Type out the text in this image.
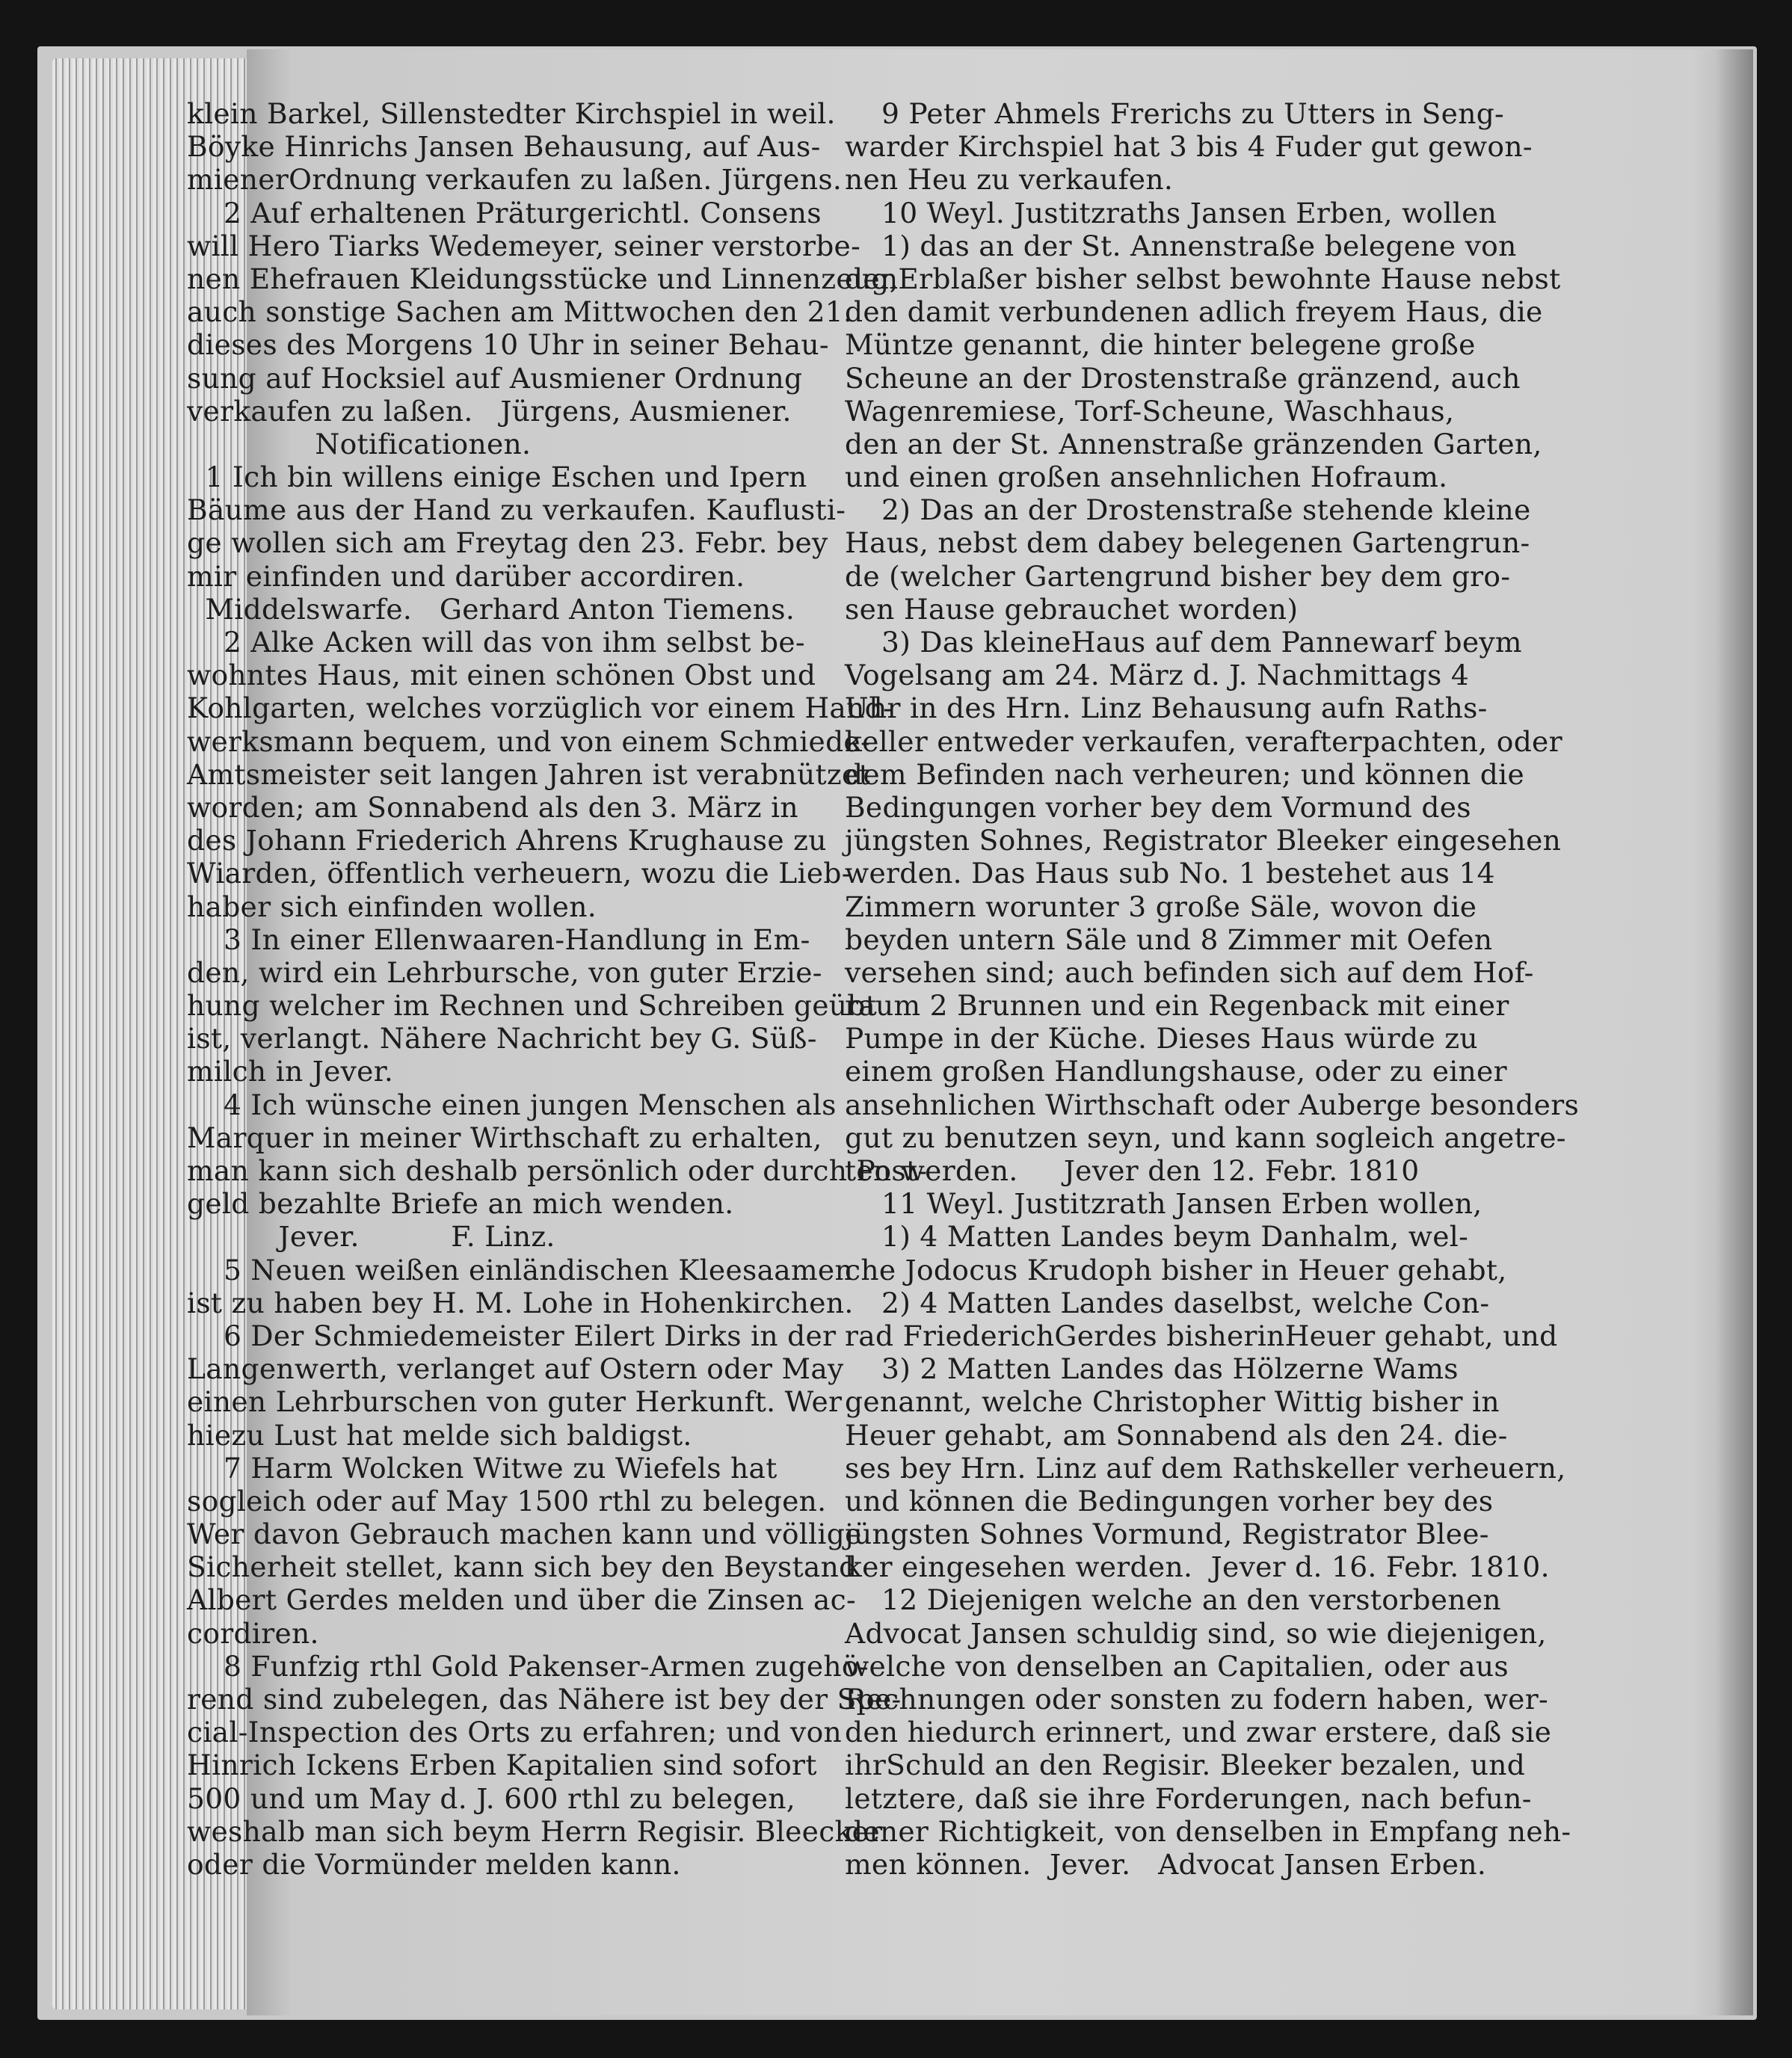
klein Barkel, Sillenstedter Kirchspiel in weil.
Böyke Hinrichs Jansen Behausung, auf Aus-
mienerOrdnung verkaufen zu laßen. Jürgens.
2 Auf erhaltenen Präturgerichtl. Consens
will Hero Tiarks Wedemeyer, seiner verstorbe-
nen Ehefrauen Kleidungsstücke und Linnenzeug,
auch sonstige Sachen am Mittwochen den 21.
dieses des Morgens 10 Uhr in seiner Behau-
sung auf Hocksiel auf Ausmiener Ordnung
verkaufen zu laßen.   Jürgens, Ausmiener.
Notificationen.
1 Ich bin willens einige Eschen und Ipern
Bäume aus der Hand zu verkaufen. Kauflusti-
ge wollen sich am Freytag den 23. Febr. bey
mir einfinden und darüber accordiren.
Middelswarfe.   Gerhard Anton Tiemens.
2 Alke Acken will das von ihm selbst be-
wohntes Haus, mit einen schönen Obst und
Kohlgarten, welches vorzüglich vor einem Hand-
werksmann bequem, und von einem Schmiede-
Amtsmeister seit langen Jahren ist verabnützet
worden; am Sonnabend als den 3. März in
des Johann Friederich Ahrens Krughause zu
Wiarden, öffentlich verheuern, wozu die Lieb-
haber sich einfinden wollen.
3 In einer Ellenwaaren-Handlung in Em-
den, wird ein Lehrbursche, von guter Erzie-
hung welcher im Rechnen und Schreiben geübt
ist, verlangt. Nähere Nachricht bey G. Süß-
milch in Jever.
4 Ich wünsche einen jungen Menschen als
Marquer in meiner Wirthschaft zu erhalten,
man kann sich deshalb persönlich oder durch Post-
geld bezahlte Briefe an mich wenden.
Jever.          F. Linz.
5 Neuen weißen einländischen Kleesaamen
ist zu haben bey H. M. Lohe in Hohenkirchen.
6 Der Schmiedemeister Eilert Dirks in der
Langenwerth, verlanget auf Ostern oder May
einen Lehrburschen von guter Herkunft. Wer
hiezu Lust hat melde sich baldigst.
7 Harm Wolcken Witwe zu Wiefels hat
sogleich oder auf May 1500 rthl zu belegen.
Wer davon Gebrauch machen kann und völlige
Sicherheit stellet, kann sich bey den Beystand
Albert Gerdes melden und über die Zinsen ac-
cordiren.
8 Funfzig rthl Gold Pakenser-Armen zugehö-
rend sind zubelegen, das Nähere ist bey der Spe-
cial-Inspection des Orts zu erfahren; und von
Hinrich Ickens Erben Kapitalien sind sofort
500 und um May d. J. 600 rthl zu belegen,
weshalb man sich beym Herrn Regisir. Bleecker
oder die Vormünder melden kann.
9 Peter Ahmels Frerichs zu Utters in Seng-
warder Kirchspiel hat 3 bis 4 Fuder gut gewon-
nen Heu zu verkaufen.
10 Weyl. Justitzraths Jansen Erben, wollen
1) das an der St. Annenstraße belegene von
denErblaßer bisher selbst bewohnte Hause nebst
den damit verbundenen adlich freyem Haus, die
Müntze genannt, die hinter belegene große
Scheune an der Drostenstraße gränzend, auch
Wagenremiese, Torf-Scheune, Waschhaus,
den an der St. Annenstraße gränzenden Garten,
und einen großen ansehnlichen Hofraum.
2) Das an der Drostenstraße stehende kleine
Haus, nebst dem dabey belegenen Gartengrun-
de (welcher Gartengrund bisher bey dem gro-
sen Hause gebrauchet worden)
3) Das kleineHaus auf dem Pannewarf beym
Vogelsang am 24. März d. J. Nachmittags 4
Uhr in des Hrn. Linz Behausung aufn Raths-
keller entweder verkaufen, verafterpachten, oder
dem Befinden nach verheuren; und können die
Bedingungen vorher bey dem Vormund des
jüngsten Sohnes, Registrator Bleeker eingesehen
werden. Das Haus sub No. 1 bestehet aus 14
Zimmern worunter 3 große Säle, wovon die
beyden untern Säle und 8 Zimmer mit Oefen
versehen sind; auch befinden sich auf dem Hof-
raum 2 Brunnen und ein Regenback mit einer
Pumpe in der Küche. Dieses Haus würde zu
einem großen Handlungshause, oder zu einer
ansehnlichen Wirthschaft oder Auberge besonders
gut zu benutzen seyn, und kann sogleich angetre-
ten werden.     Jever den 12. Febr. 1810
11 Weyl. Justitzrath Jansen Erben wollen,
1) 4 Matten Landes beym Danhalm, wel-
che Jodocus Krudoph bisher in Heuer gehabt,
2) 4 Matten Landes daselbst, welche Con-
rad FriederichGerdes bisherinHeuer gehabt, und
3) 2 Matten Landes das Hölzerne Wams
genannt, welche Christopher Wittig bisher in
Heuer gehabt, am Sonnabend als den 24. die-
ses bey Hrn. Linz auf dem Rathskeller verheuern,
und können die Bedingungen vorher bey des
jüngsten Sohnes Vormund, Registrator Blee-
ker eingesehen werden.  Jever d. 16. Febr. 1810.
12 Diejenigen welche an den verstorbenen
Advocat Jansen schuldig sind, so wie diejenigen,
welche von denselben an Capitalien, oder aus
Rechnungen oder sonsten zu fodern haben, wer-
den hiedurch erinnert, und zwar erstere, daß sie
ihrSchuld an den Regisir. Bleeker bezalen, und
letztere, daß sie ihre Forderungen, nach befun-
dener Richtigkeit, von denselben in Empfang neh-
men können.  Jever.   Advocat Jansen Erben.
